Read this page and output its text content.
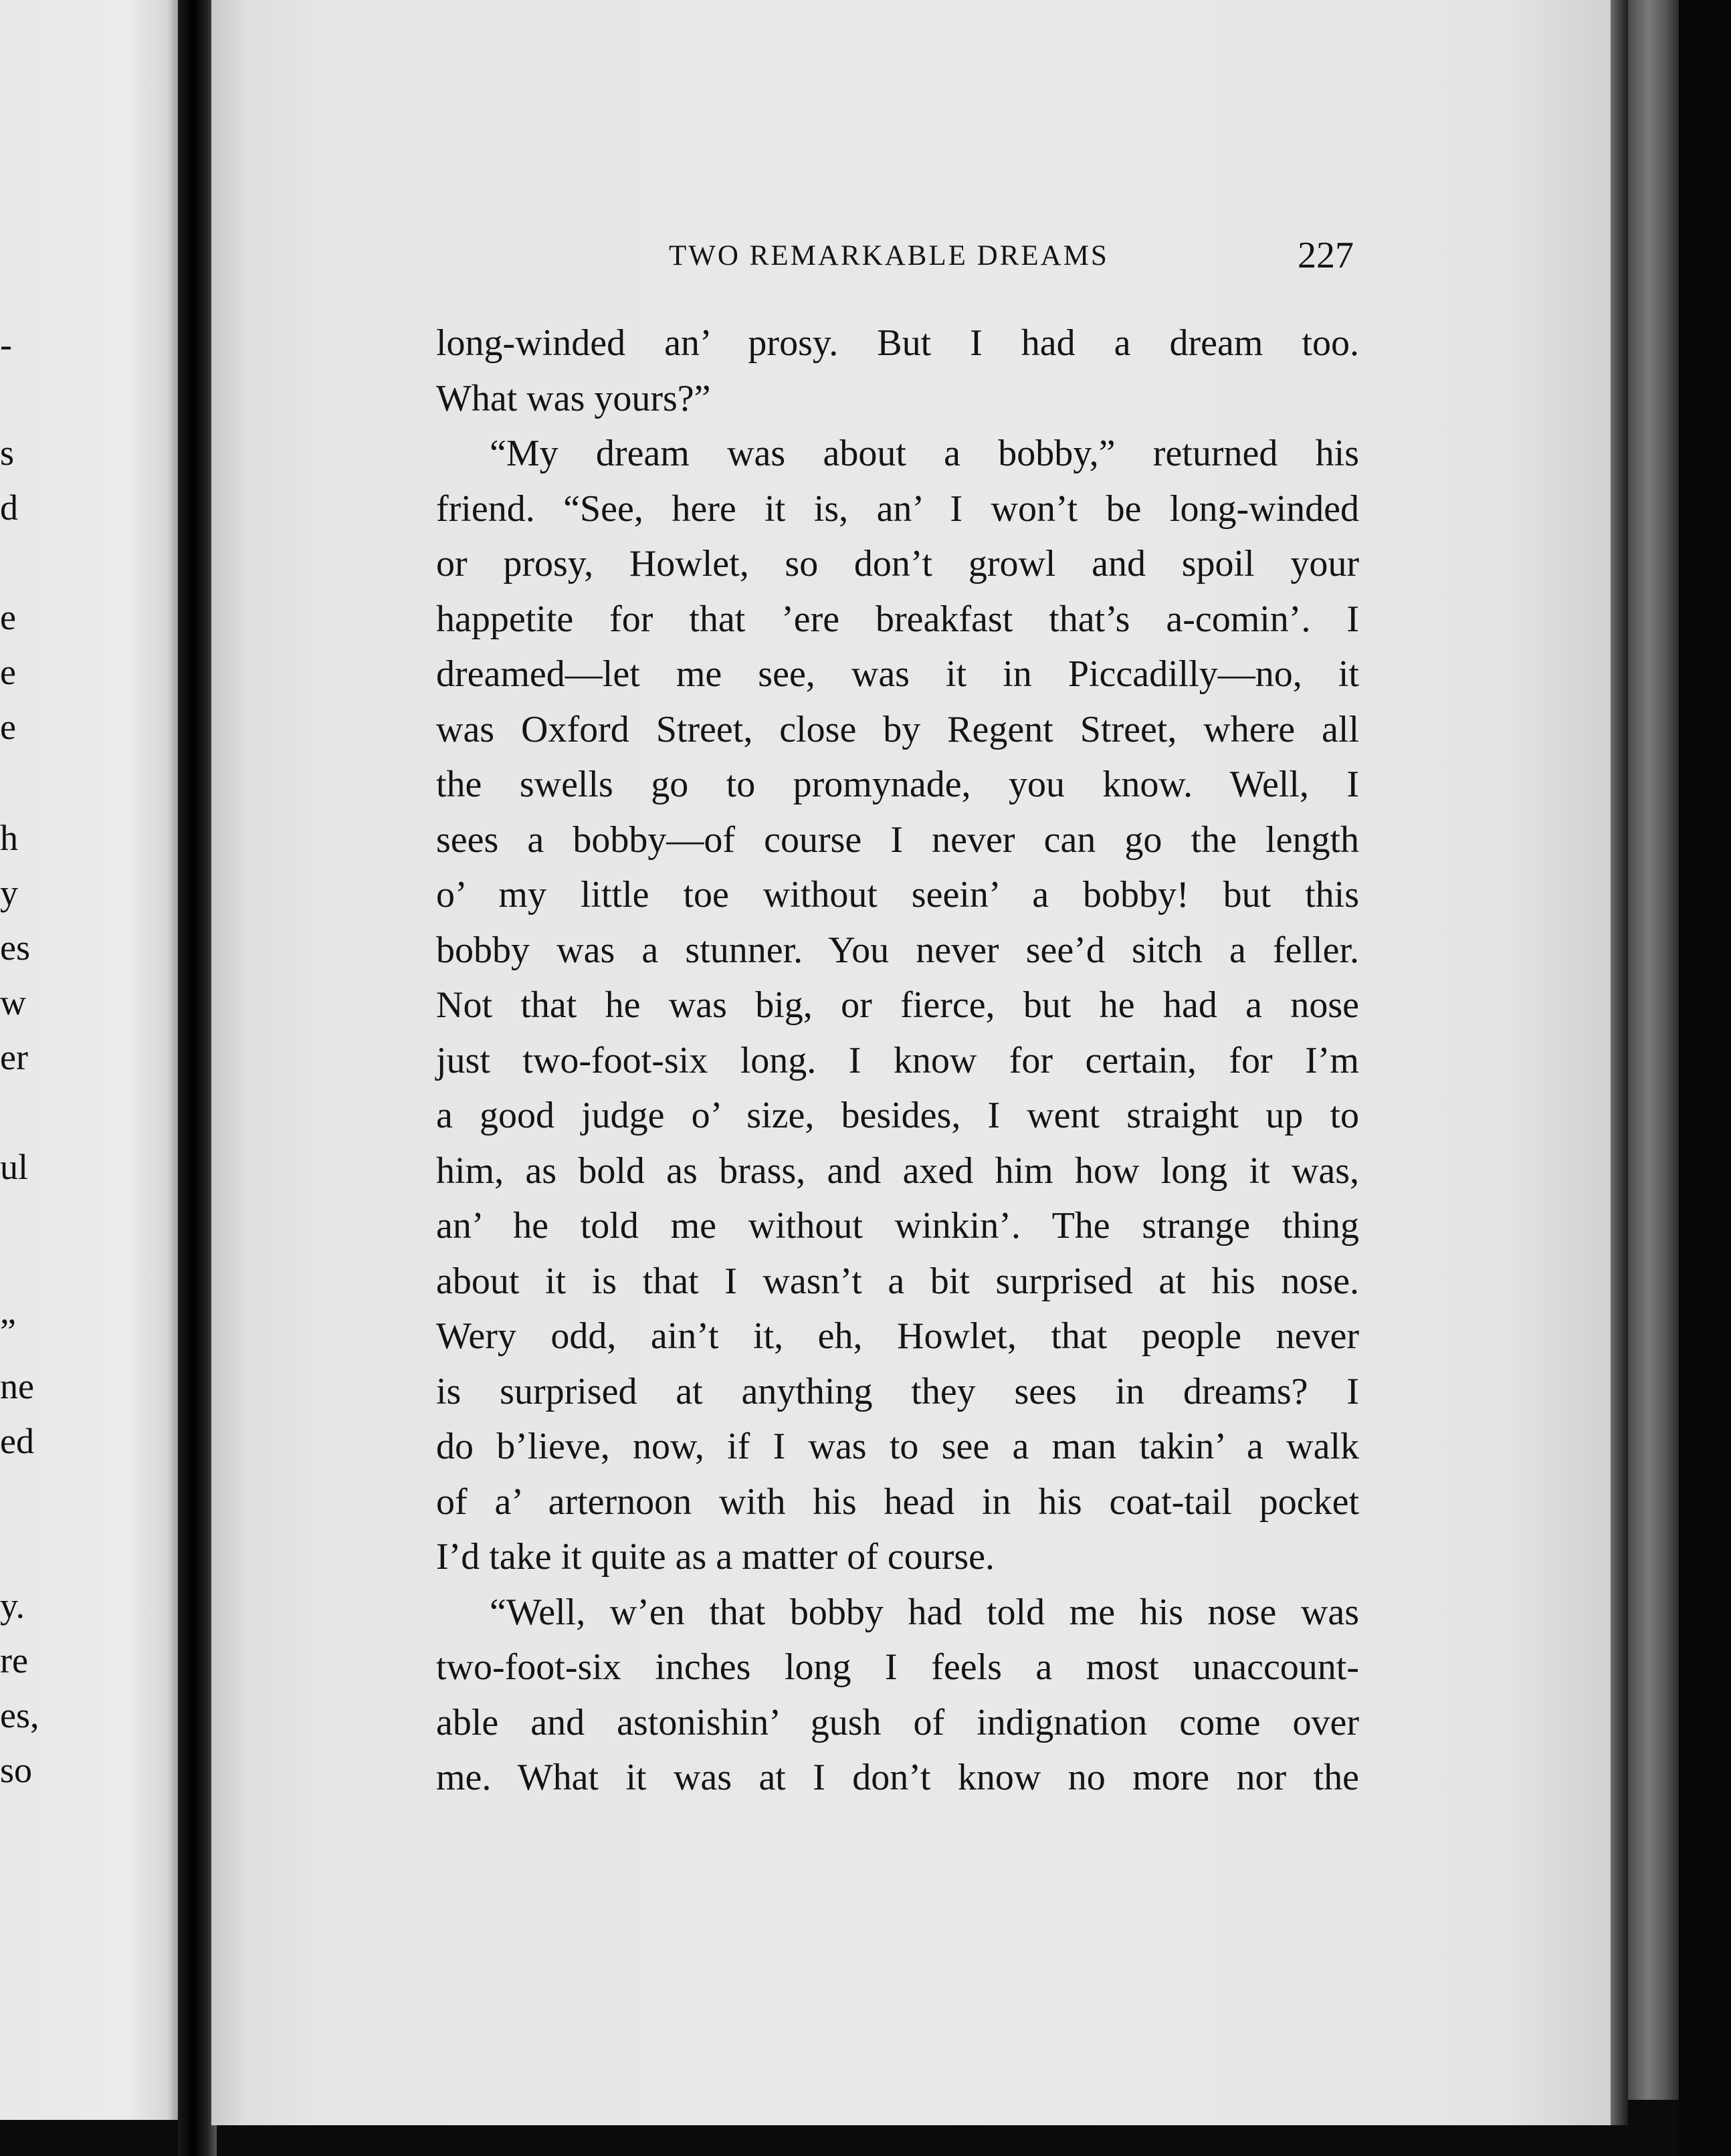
-
s
d
e
e
e
h
y
es
w
er
ul
”
ne
ed
y.
re
es,
so
TWO REMARKABLE DREAMS	227
long-winded an’ prosy. But I had a dream too.
What was yours?”
“My dream was about a bobby,” returned his
friend. “See, here it is, an’ I won’t be long-winded
or prosy, Howlet, so don’t growl and spoil your
happetite for that ’ere breakfast that’s a-comin’. I
dreamed—let me see, was it in Piccadilly—no, it
was Oxford Street, close by Regent Street, where all
the swells go to promynade, you know. Well, I
sees a bobby—of course I never can go the length
o’ my little toe without seein’ a bobby! but this
bobby was a stunner. You never see’d sitch a feller.
Not that he was big, or fierce, but he had a nose
just two-foot-six long. I know for certain, for I’m
a good judge o’ size, besides, I went straight up to
him, as bold as brass, and axed him how long it was,
an’ he told me without winkin’. The strange thing
about it is that I wasn’t a bit surprised at his nose.
Wery odd, ain’t it, eh, Howlet, that people never
is surprised at anything they sees in dreams? I
do b’lieve, now, if I was to see a man takin’ a walk
of a’ arternoon with his head in his coat-tail pocket
I’d take it quite as a matter of course.
“Well, w’en that bobby had told me his nose was
two-foot-six inches long I feels a most unaccount-
able and astonishin’ gush of indignation come over
me. What it was at I don’t know no more nor the
